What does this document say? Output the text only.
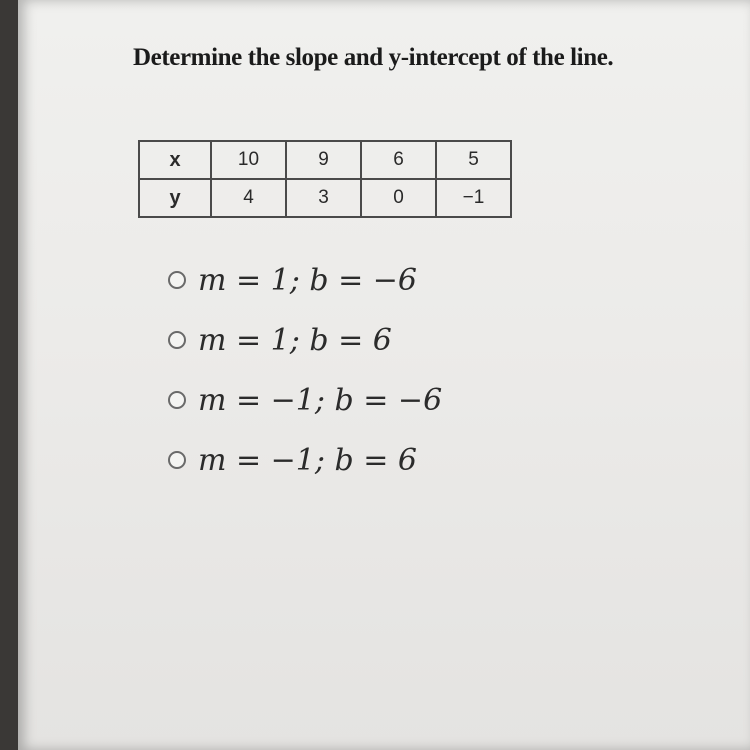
Determine the slope and y-intercept of the line.
x	10	9	6	5
y	4	3	0	−1
m = 1; b = −6
m = 1; b = 6
m = −1; b = −6
m = −1; b = 6
